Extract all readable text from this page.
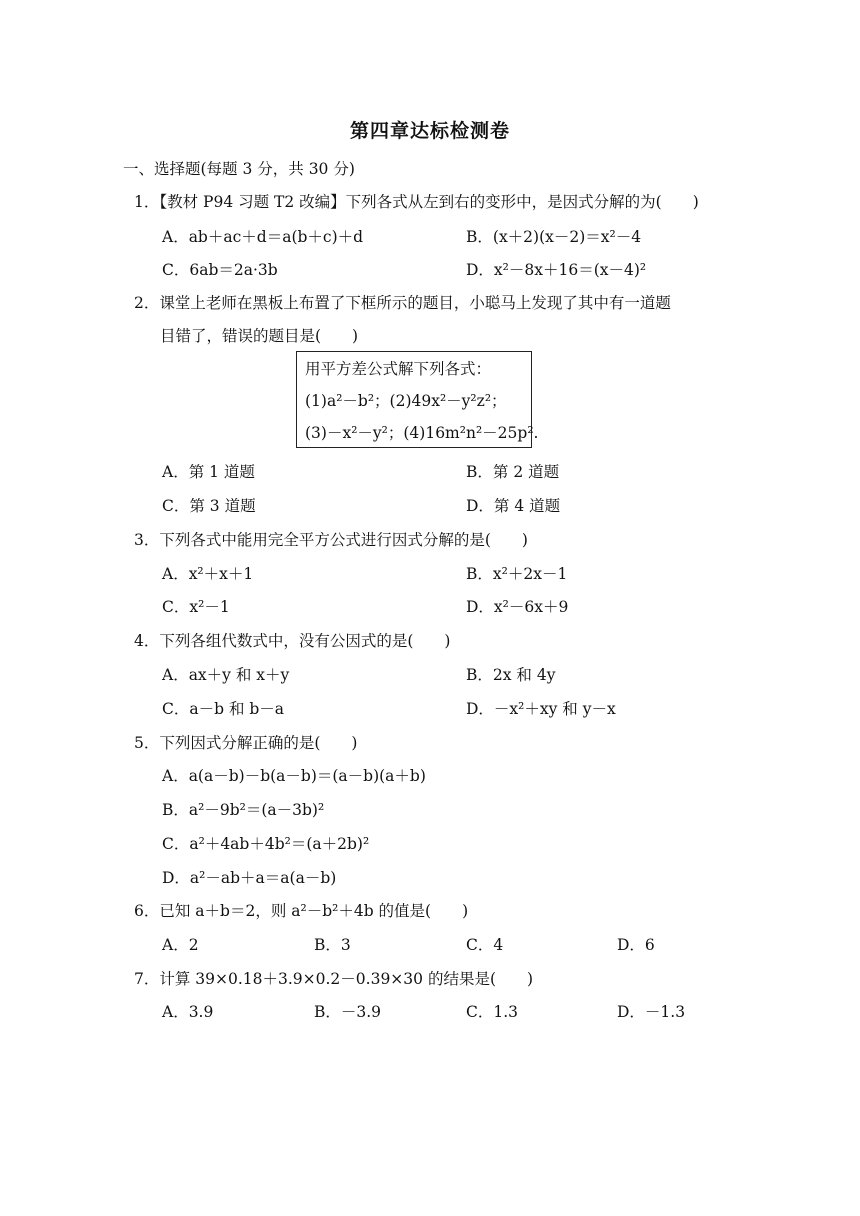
第四章达标检测卷
一、选择题(每题 3 分，共 30 分)
1．【教材 P94 习题 T2 改编】下列各式从左到右的变形中，是因式分解的为(　　)
A．ab＋ac＋d＝a(b＋c)＋d	B．(x＋2)(x－2)＝x²－4
C．6ab＝2a·3b	D．x²－8x＋16＝(x－4)²
2．课堂上老师在黑板上布置了下框所示的题目，小聪马上发现了其中有一道题
目错了，错误的题目是(　　)
用平方差公式解下列各式：
(1)a²－b²；(2)49x²－y²z²；
(3)－x²－y²；(4)16m²n²－25p².
A．第 1 道题	B．第 2 道题
C．第 3 道题	D．第 4 道题
3．下列各式中能用完全平方公式进行因式分解的是(　　)
A．x²＋x＋1	B．x²＋2x－1
C．x²－1	D．x²－6x＋9
4．下列各组代数式中，没有公因式的是(　　)
A．ax＋y 和 x＋y	B．2x 和 4y
C．a－b 和 b－a	D．－x²＋xy 和 y－x
5．下列因式分解正确的是(　　)
A．a(a－b)－b(a－b)＝(a－b)(a＋b)
B．a²－9b²＝(a－3b)²
C．a²＋4ab＋4b²＝(a＋2b)²
D．a²－ab＋a＝a(a－b)
6．已知 a＋b＝2，则 a²－b²＋4b 的值是(　　)
A．2	B．3	C．4	D．6
7．计算 39×0.18＋3.9×0.2－0.39×30 的结果是(　　)
A．3.9	B．－3.9	C．1.3	D．－1.3
